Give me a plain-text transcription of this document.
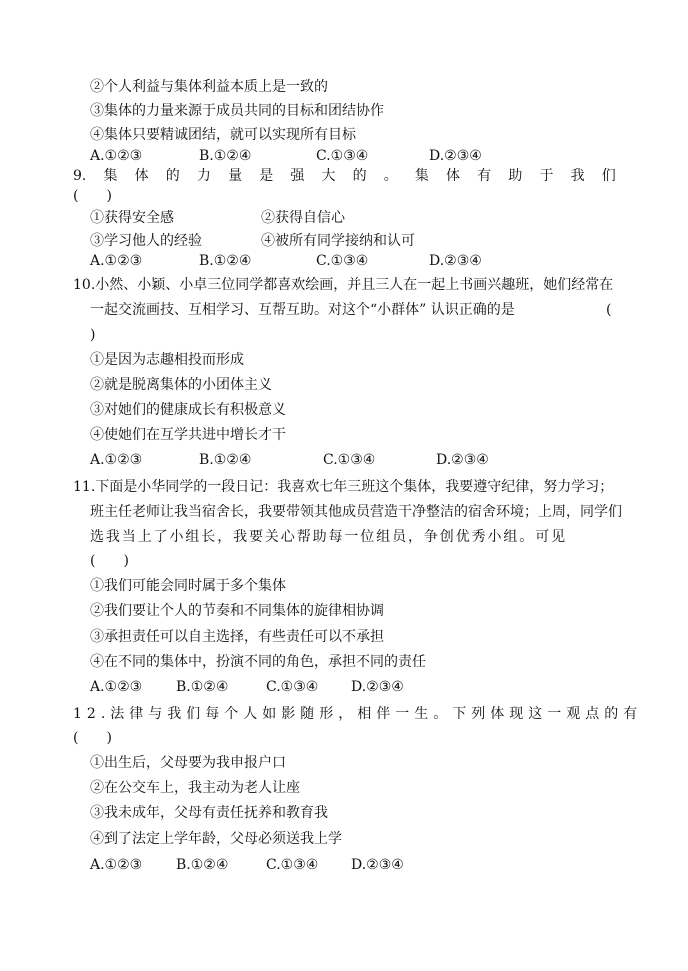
②个人利益与集体利益本质上是一致的
③集体的力量来源于成员共同的目标和团结协作
④集体只要精诚团结，就可以实现所有目标
A.①②③	B.①②④	C.①③④	D.②③④
9. 集 体 的 力 量 是 强 大 的 。 集 体 有 助 于 我 们
(　　)
①获得安全感	②获得自信心
③学习他人的经验	④被所有同学接纳和认可
A.①②③	B.①②④	C.①③④	D.②③④
10.小然、小颖、小卓三位同学都喜欢绘画，并且三人在一起上书画兴趣班，她们经常在
一起交流画技、互相学习、互帮互助。对这个“小群体” 认识正确的是	(
)
①是因为志趣相投而形成
②就是脱离集体的小团体主义
③对她们的健康成长有积极意义
④使她们在互学共进中增长才干
A.①②③	B.①②④	C.①③④	D.②③④
11.下面是小华同学的一段日记：我喜欢七年三班这个集体，我要遵守纪律，努力学习；
班主任老师让我当宿舍长，我要带领其他成员营造干净整洁的宿舍环境；上周，同学们
选我当上了小组长，我要关心帮助每一位组员，争创优秀小组。可见
(　　)
①我们可能会同时属于多个集体
②我们要让个人的节奏和不同集体的旋律相协调
③承担责任可以自主选择，有些责任可以不承担
④在不同的集体中，扮演不同的角色，承担不同的责任
A.①②③ B.①②④	C.①③④ D.②③④
12.法律与我们每个人如影随形，相伴一生。下列体现这一观点的有
(　　)
①出生后，父母要为我申报户口
②在公交车上，我主动为老人让座
③我未成年，父母有责任抚养和教育我
④到了法定上学年龄，父母必须送我上学
A.①②③ B.①②④	C.①③④ D.②③④
